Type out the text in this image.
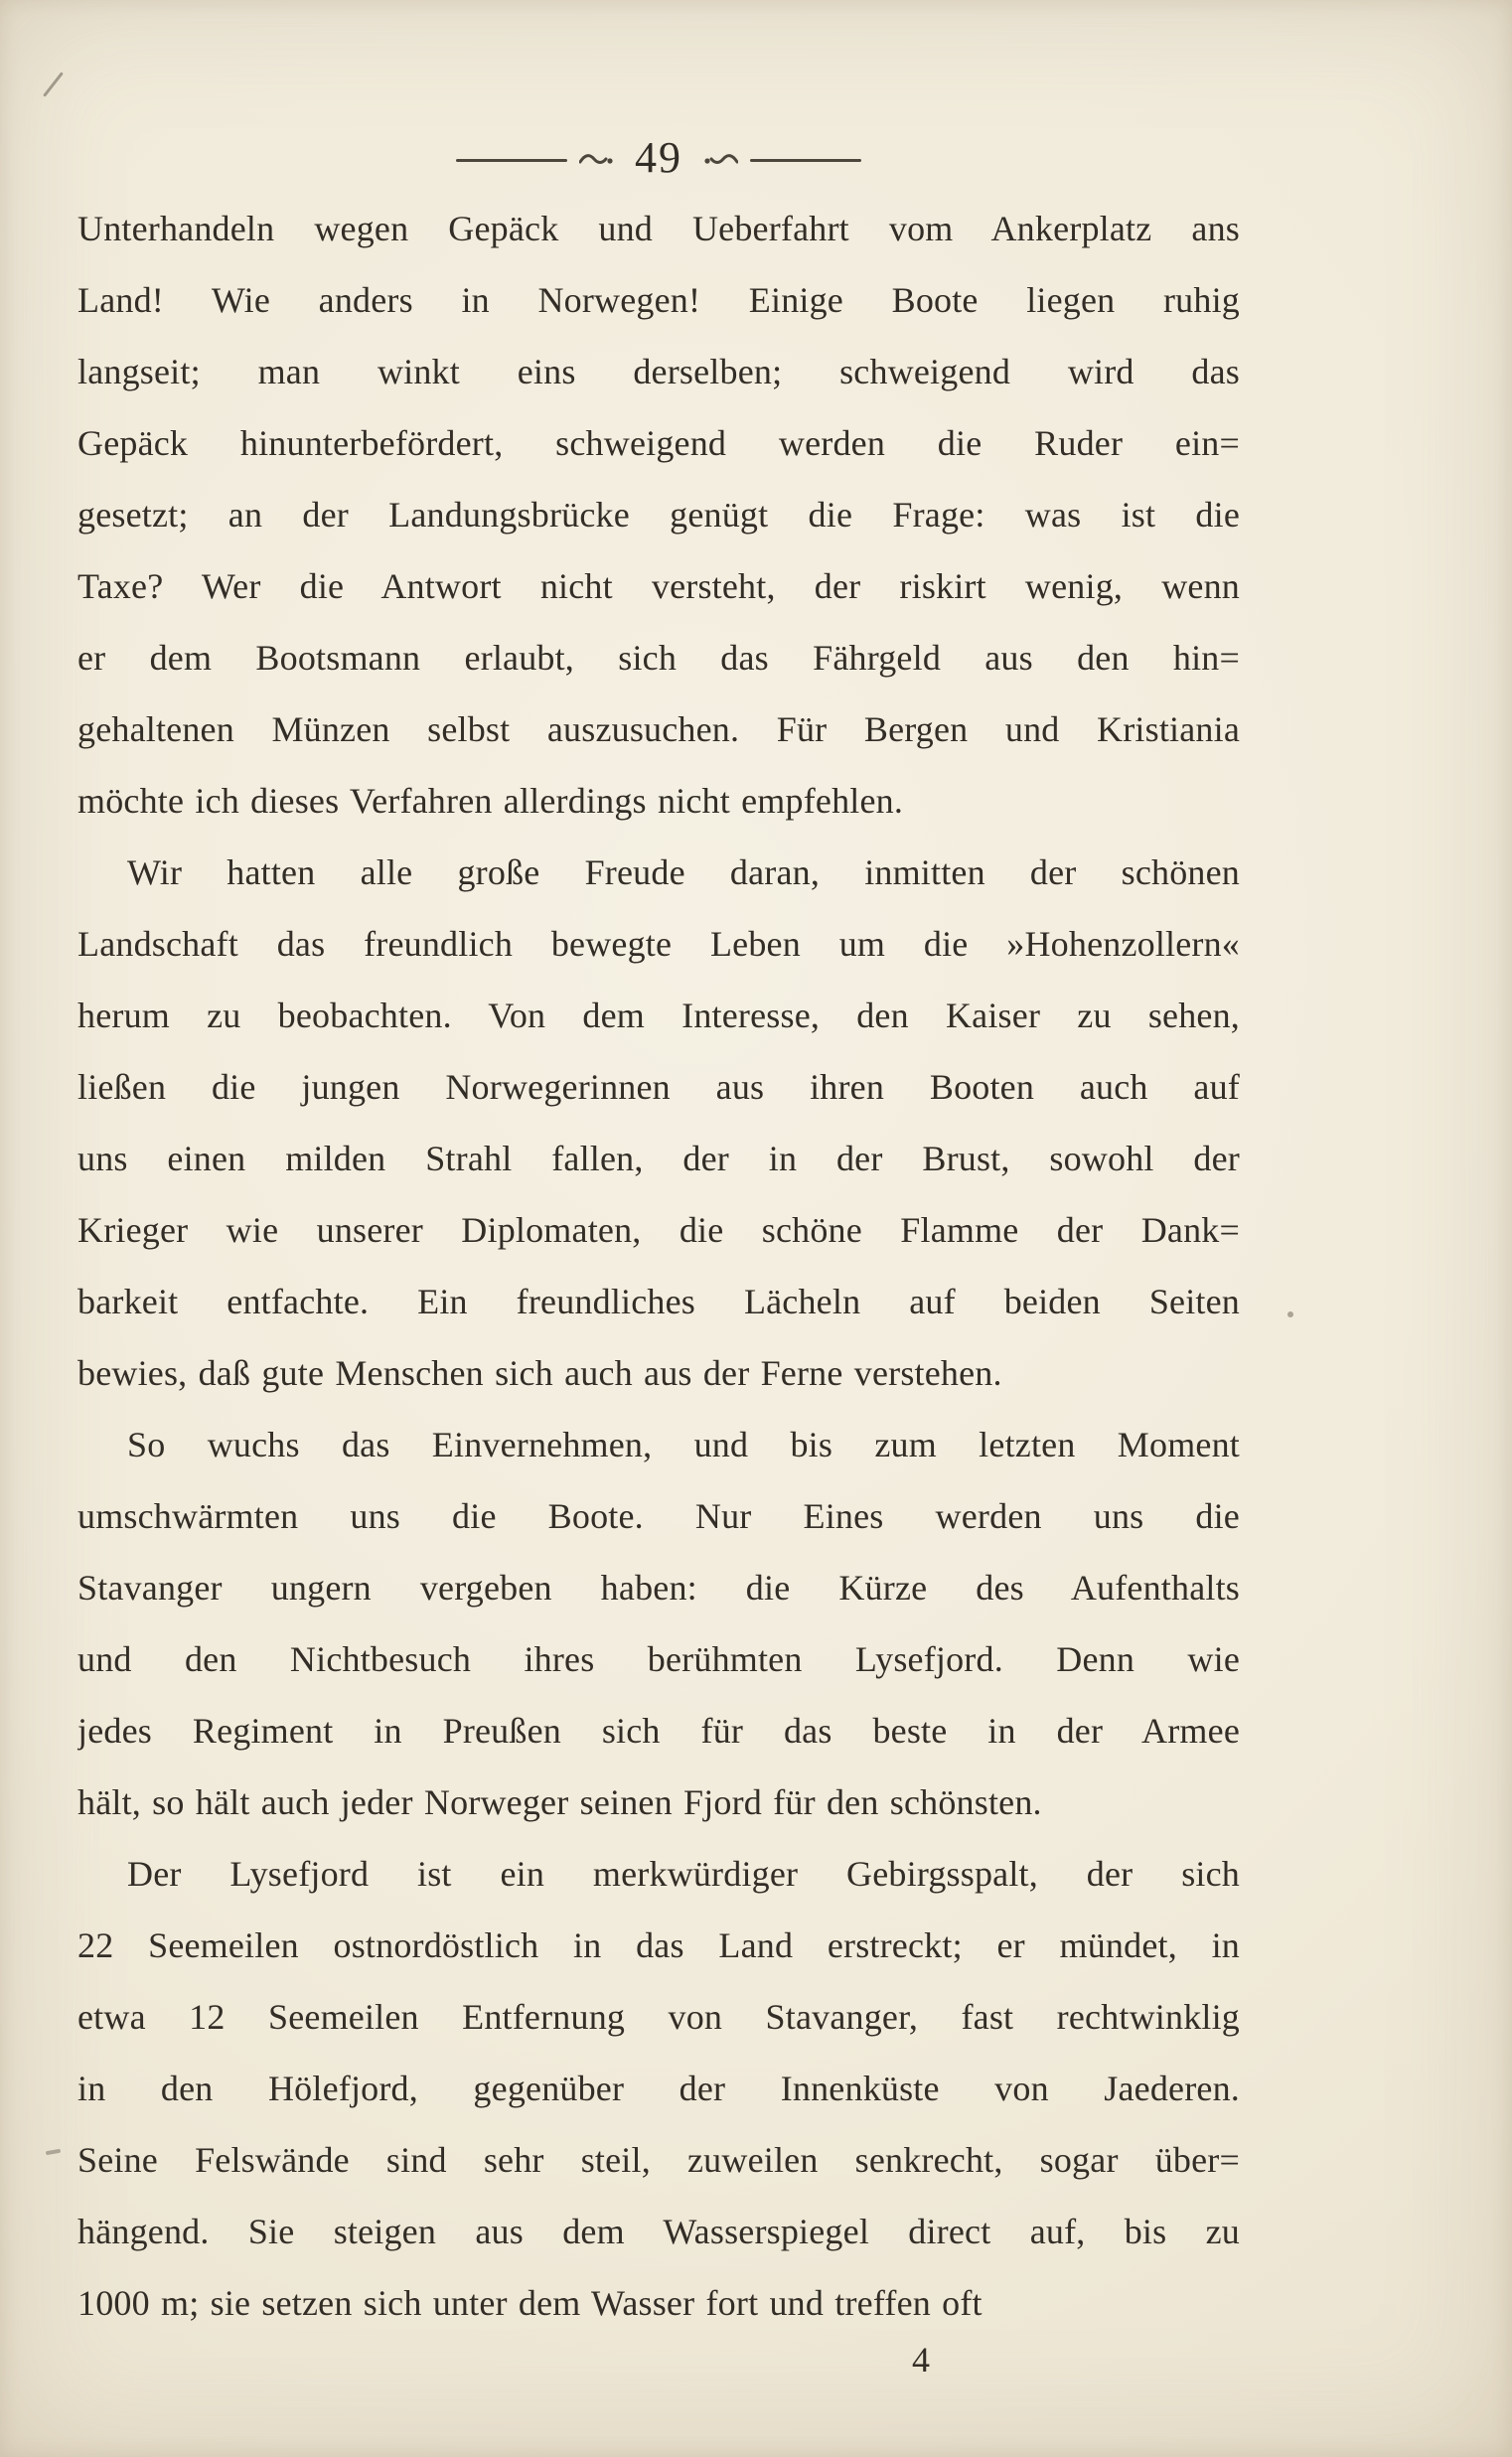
49
Unterhandeln wegen Gepäck und Ueberfahrt vom Ankerplatz ans
Land! Wie anders in Norwegen! Einige Boote liegen ruhig
langseit; man winkt eins derselben; schweigend wird das
Gepäck hinunterbefördert, schweigend werden die Ruder ein=
gesetzt; an der Landungsbrücke genügt die Frage: was ist die
Taxe? Wer die Antwort nicht versteht, der riskirt wenig, wenn
er dem Bootsmann erlaubt, sich das Fährgeld aus den hin=
gehaltenen Münzen selbst auszusuchen. Für Bergen und Kristiania
möchte ich dieses Verfahren allerdings nicht empfehlen.
Wir hatten alle große Freude daran, inmitten der schönen
Landschaft das freundlich bewegte Leben um die »Hohenzollern«
herum zu beobachten. Von dem Interesse, den Kaiser zu sehen,
ließen die jungen Norwegerinnen aus ihren Booten auch auf
uns einen milden Strahl fallen, der in der Brust, sowohl der
Krieger wie unserer Diplomaten, die schöne Flamme der Dank=
barkeit entfachte. Ein freundliches Lächeln auf beiden Seiten
bewies, daß gute Menschen sich auch aus der Ferne verstehen.
So wuchs das Einvernehmen, und bis zum letzten Moment
umschwärmten uns die Boote. Nur Eines werden uns die
Stavanger ungern vergeben haben: die Kürze des Aufenthalts
und den Nichtbesuch ihres berühmten Lysefjord. Denn wie
jedes Regiment in Preußen sich für das beste in der Armee
hält, so hält auch jeder Norweger seinen Fjord für den schönsten.
Der Lysefjord ist ein merkwürdiger Gebirgsspalt, der sich
22 Seemeilen ostnordöstlich in das Land erstreckt; er mündet, in
etwa 12 Seemeilen Entfernung von Stavanger, fast rechtwinklig
in den Hölefjord, gegenüber der Innenküste von Jaederen.
Seine Felswände sind sehr steil, zuweilen senkrecht, sogar über=
hängend. Sie steigen aus dem Wasserspiegel direct auf, bis zu
1000 m; sie setzen sich unter dem Wasser fort und treffen oft
4
